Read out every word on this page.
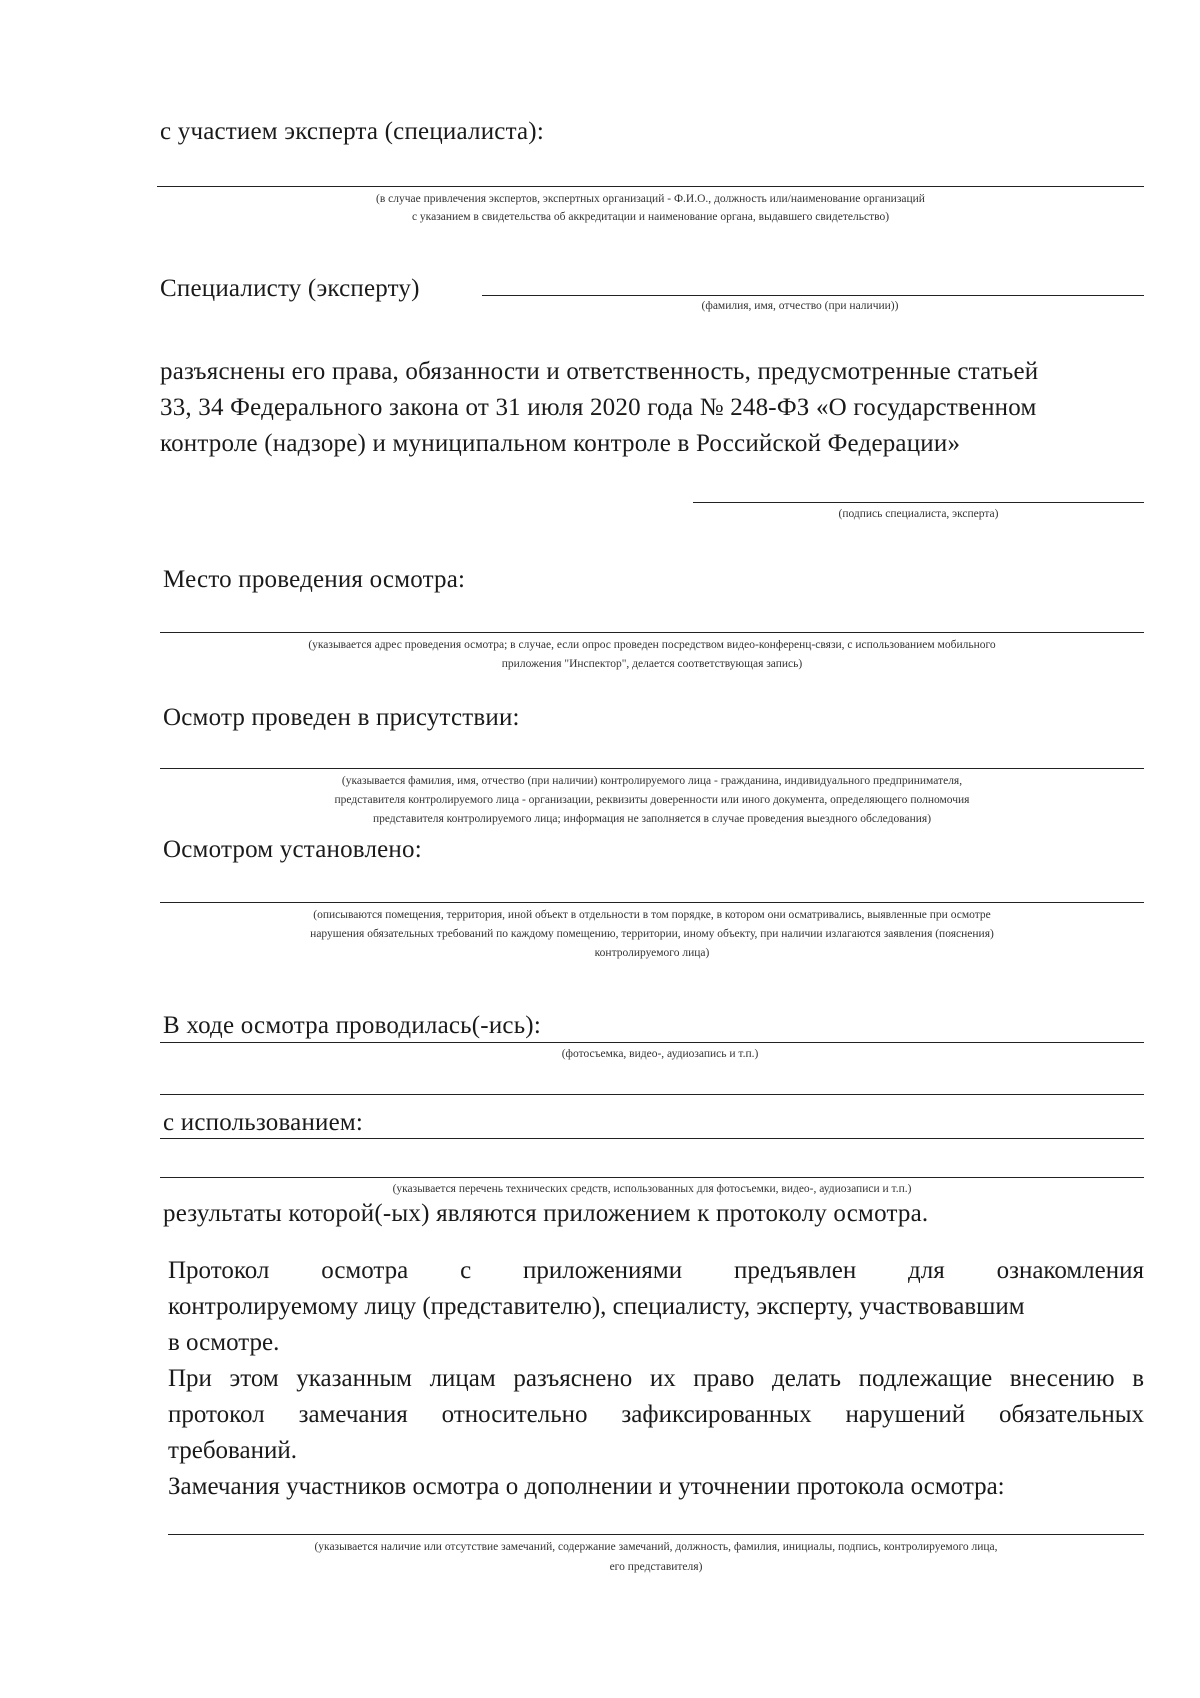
с участием эксперта (специалиста):
(в случае привлечения экспертов, экспертных организаций - Ф.И.О., должность или/наименование организаций
с указанием в свидетельства об аккредитации и наименование органа, выдавшего свидетельство)
Специалисту (эксперту)
(фамилия, имя, отчество (при наличии))
разъяснены его права, обязанности и ответственность, предусмотренные статьей
33, 34 Федерального закона от 31 июля 2020 года № 248-ФЗ «О государственном
контроле (надзоре) и муниципальном контроле в Российской Федерации»
(подпись специалиста, эксперта)
Место проведения осмотра:
(указывается адрес проведения осмотра; в случае, если опрос проведен посредством видео-конференц-связи, с использованием мобильного
приложения "Инспектор", делается соответствующая запись)
Осмотр проведен в присутствии:
(указывается фамилия, имя, отчество (при наличии) контролируемого лица - гражданина, индивидуального предпринимателя,
представителя контролируемого лица - организации, реквизиты доверенности или иного документа, определяющего полномочия
представителя контролируемого лица; информация не заполняется в случае проведения выездного обследования)
Осмотром установлено:
(описываются помещения, территория, иной объект в отдельности в том порядке, в котором они осматривались, выявленные при осмотре
нарушения обязательных требований по каждому помещению, территории, иному объекту, при наличии излагаются заявления (пояснения)
контролируемого лица)
В ходе осмотра проводилась(-ись):
(фотосъемка, видео-, аудиозапись и т.п.)
с использованием:
(указывается перечень технических средств, использованных для фотосъемки, видео-, аудиозаписи и т.п.)
результаты которой(-ых) являются приложением к протоколу осмотра.
Протокол осмотра с приложениями предъявлен для ознакомления
контролируемому лицу (представителю), специалисту, эксперту, участвовавшим
в осмотре.
При этом указанным лицам разъяснено их право делать подлежащие внесению в
протокол замечания относительно зафиксированных нарушений обязательных
требований.
Замечания участников осмотра о дополнении и уточнении протокола осмотра:
(указывается наличие или отсутствие замечаний, содержание замечаний, должность, фамилия, инициалы, подпись, контролируемого лица,
его представителя)
